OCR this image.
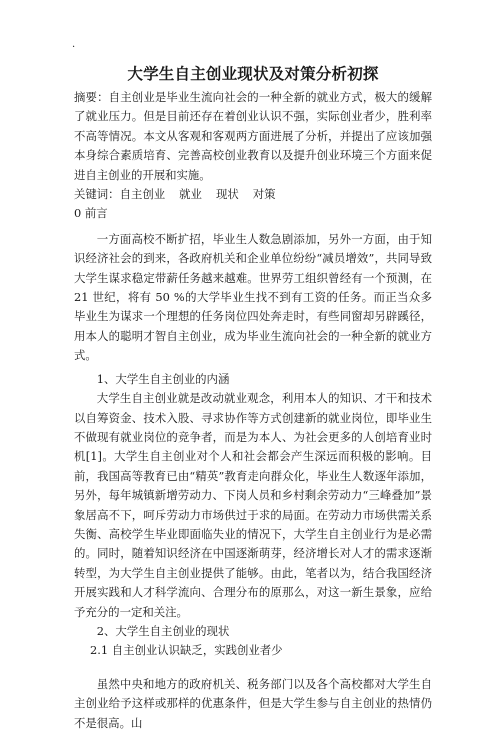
.
大学生自主创业现状及对策分析初探

摘要：自主创业是毕业生流向社会的一种全新的就业方式，极大的缓解了就业压力。但是目前还存在着创业认识不强，实际创业者少，胜利率不高等情况。本文从客观和客观两方面进展了分析，并提出了应该加强本身综合素质培育、完善高校创业教育以及提升创业环境三个方面来促进自主创业的开展和实施。

关键词：自主创业 就业 现状 对策

0 前言

一方面高校不断扩招，毕业生人数急剧添加，另外一方面，由于知识经济社会的到来，各政府机关和企业单位纷纷“减员增效”，共同导致大学生谋求稳定带薪任务越来越难。世界劳工组织曾经有一个预测，在 21 世纪，将有 50 %的大学毕业生找不到有工资的任务。而正当众多毕业生为谋求一个理想的任务岗位四处奔走时，有些同窗却另辟蹊径，用本人的聪明才智自主创业，成为毕业生流向社会的一种全新的就业方式。

1、大学生自主创业的内涵

大学生自主创业就是改动就业观念，利用本人的知识、才干和技术以自筹资金、技术入股、寻求协作等方式创建新的就业岗位，即毕业生不做现有就业岗位的竞争者，而是为本人、为社会更多的人创培育业时机[1]。大学生自主创业对个人和社会都会产生深远而积极的影响。目前，我国高等教育已由“精英”教育走向群众化，毕业生人数逐年添加，另外，每年城镇新增劳动力、下岗人员和乡村剩余劳动力“三峰叠加”景象居高不下，呵斥劳动力市场供过于求的局面。在劳动力市场供需关系失衡、高校学生毕业即面临失业的情况下，大学生自主创业行为是必需的。同时，随着知识经济在中国逐渐萌芽，经济增长对人才的需求逐渐转型，为大学生自主创业提供了能够。由此，笔者以为，结合我国经济开展实践和人才科学流向、合理分布的原那么，对这一新生景象，应给予充分的一定和关注。

2、大学生自主创业的现状

2.1 自主创业认识缺乏，实践创业者少

虽然中央和地方的政府机关、税务部门以及各个高校都对大学生自主创业给予这样或那样的优惠条件，但是大学生参与自主创业的热情仍不是很高。山
